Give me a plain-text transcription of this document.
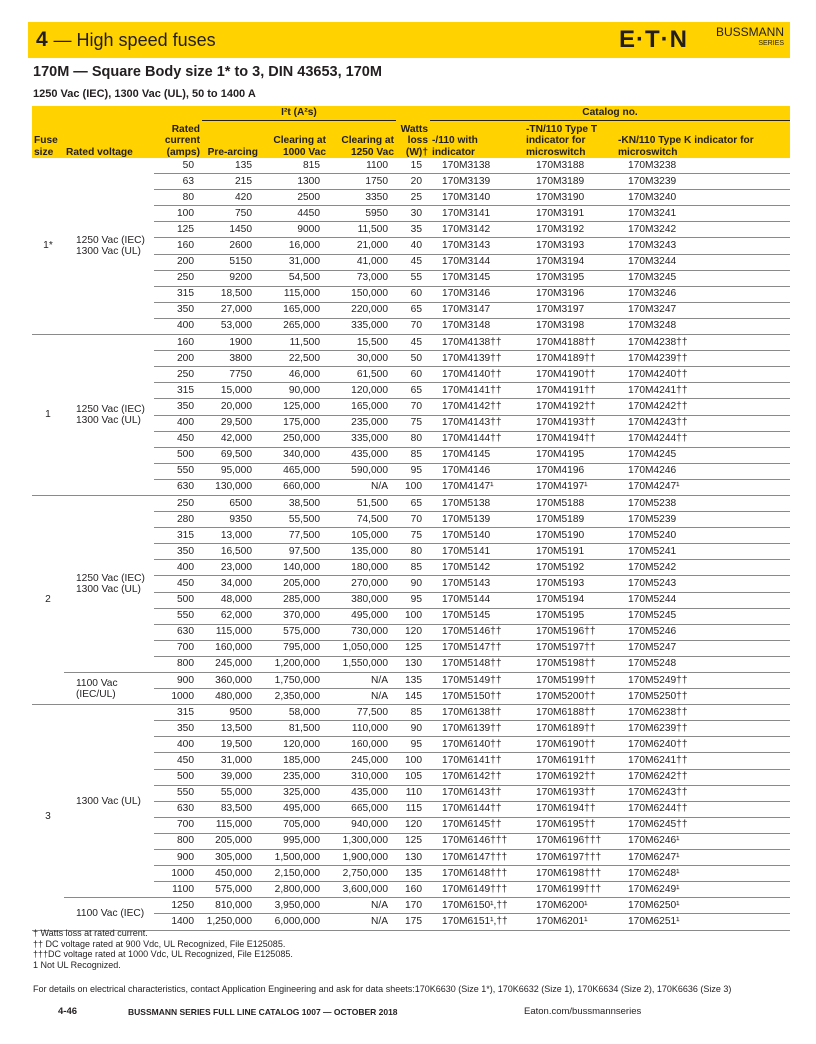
4 — High speed fuses	E·T·N	BUSSMANN
SERIES
170M — Square Body size 1* to 3, DIN 43653, 170M
1250 Vac (IEC), 1300 Vac (UL), 50 to 1400 A
Fuse size	Rated voltage	Rated current (amps)	I²t (A²s)			Watts loss (W)†	Catalog no.		
			Pre-arcing	Clearing at 1000 Vac	Clearing at 1250 Vac		-/110 with indicator	-TN/110 Type T indicator for microswitch	-KN/110 Type K indicator for microswitch
1*	1250 Vac (IEC) 1300 Vac (UL)	50	135	815	1100	15	170M3138	170M3188	170M3238
		63	215	1300	1750	20	170M3139	170M3189	170M3239
		80	420	2500	3350	25	170M3140	170M3190	170M3240
		100	750	4450	5950	30	170M3141	170M3191	170M3241
		125	1450	9000	11,500	35	170M3142	170M3192	170M3242
		160	2600	16,000	21,000	40	170M3143	170M3193	170M3243
		200	5150	31,000	41,000	45	170M3144	170M3194	170M3244
		250	9200	54,500	73,000	55	170M3145	170M3195	170M3245
		315	18,500	115,000	150,000	60	170M3146	170M3196	170M3246
		350	27,000	165,000	220,000	65	170M3147	170M3197	170M3247
		400	53,000	265,000	335,000	70	170M3148	170M3198	170M3248
1	1250 Vac (IEC) 1300 Vac (UL)	160	1900	11,500	15,500	45	170M4138††	170M4188††	170M4238††
		200	3800	22,500	30,000	50	170M4139††	170M4189††	170M4239††
		250	7750	46,000	61,500	60	170M4140††	170M4190††	170M4240††
		315	15,000	90,000	120,000	65	170M4141††	170M4191††	170M4241††
		350	20,000	125,000	165,000	70	170M4142††	170M4192††	170M4242††
		400	29,500	175,000	235,000	75	170M4143††	170M4193††	170M4243††
		450	42,000	250,000	335,000	80	170M4144††	170M4194††	170M4244††
		500	69,500	340,000	435,000	85	170M4145	170M4195	170M4245
		550	95,000	465,000	590,000	95	170M4146	170M4196	170M4246
		630	130,000	660,000	N/A	100	170M4147¹	170M4197¹	170M4247¹
2	1250 Vac (IEC) 1300 Vac (UL)	250	6500	38,500	51,500	65	170M5138	170M5188	170M5238
		280	9350	55,500	74,500	70	170M5139	170M5189	170M5239
		315	13,000	77,500	105,000	75	170M5140	170M5190	170M5240
		350	16,500	97,500	135,000	80	170M5141	170M5191	170M5241
		400	23,000	140,000	180,000	85	170M5142	170M5192	170M5242
		450	34,000	205,000	270,000	90	170M5143	170M5193	170M5243
		500	48,000	285,000	380,000	95	170M5144	170M5194	170M5244
		550	62,000	370,000	495,000	100	170M5145	170M5195	170M5245
		630	115,000	575,000	730,000	120	170M5146††	170M5196††	170M5246
		700	160,000	795,000	1,050,000	125	170M5147††	170M5197††	170M5247
		800	245,000	1,200,000	1,550,000	130	170M5148††	170M5198††	170M5248
	1100 Vac (IEC/UL)	900	360,000	1,750,000	N/A	135	170M5149††	170M5199††	170M5249††
		1000	480,000	2,350,000	N/A	145	170M5150††	170M5200††	170M5250††
3	1300 Vac (UL)	315	9500	58,000	77,500	85	170M6138††	170M6188††	170M6238††
		350	13,500	81,500	110,000	90	170M6139††	170M6189††	170M6239††
		400	19,500	120,000	160,000	95	170M6140††	170M6190††	170M6240††
		450	31,000	185,000	245,000	100	170M6141††	170M6191††	170M6241††
		500	39,000	235,000	310,000	105	170M6142††	170M6192††	170M6242††
		550	55,000	325,000	435,000	110	170M6143††	170M6193††	170M6243††
		630	83,500	495,000	665,000	115	170M6144††	170M6194††	170M6244††
		700	115,000	705,000	940,000	120	170M6145††	170M6195††	170M6245††
		800	205,000	995,000	1,300,000	125	170M6146†††	170M6196†††	170M6246¹
		900	305,000	1,500,000	1,900,000	130	170M6147†††	170M6197†††	170M6247¹
		1000	450,000	2,150,000	2,750,000	135	170M6148†††	170M6198†††	170M6248¹
		1100	575,000	2,800,000	3,600,000	160	170M6149†††	170M6199†††	170M6249¹
	1100 Vac (IEC)	1250	810,000	3,950,000	N/A	170	170M6150¹,††	170M6200¹	170M6250¹
		1400	1,250,000	6,000,000	N/A	175	170M6151¹,††	170M6201¹	170M6251¹
† Watts loss at rated current.
†† DC voltage rated at 900 Vdc, UL Recognized, File E125085.
†††DC voltage rated at 1000 Vdc, UL Recognized, File E125085.
1 Not UL Recognized.
For details on electrical characteristics, contact Application Engineering and ask for data sheets:170K6630 (Size 1*), 170K6632 (Size 1), 170K6634 (Size 2), 170K6636 (Size 3)
4-46	BUSSMANN SERIES FULL LINE CATALOG 1007 — OCTOBER 2018	Eaton.com/bussmannseries
